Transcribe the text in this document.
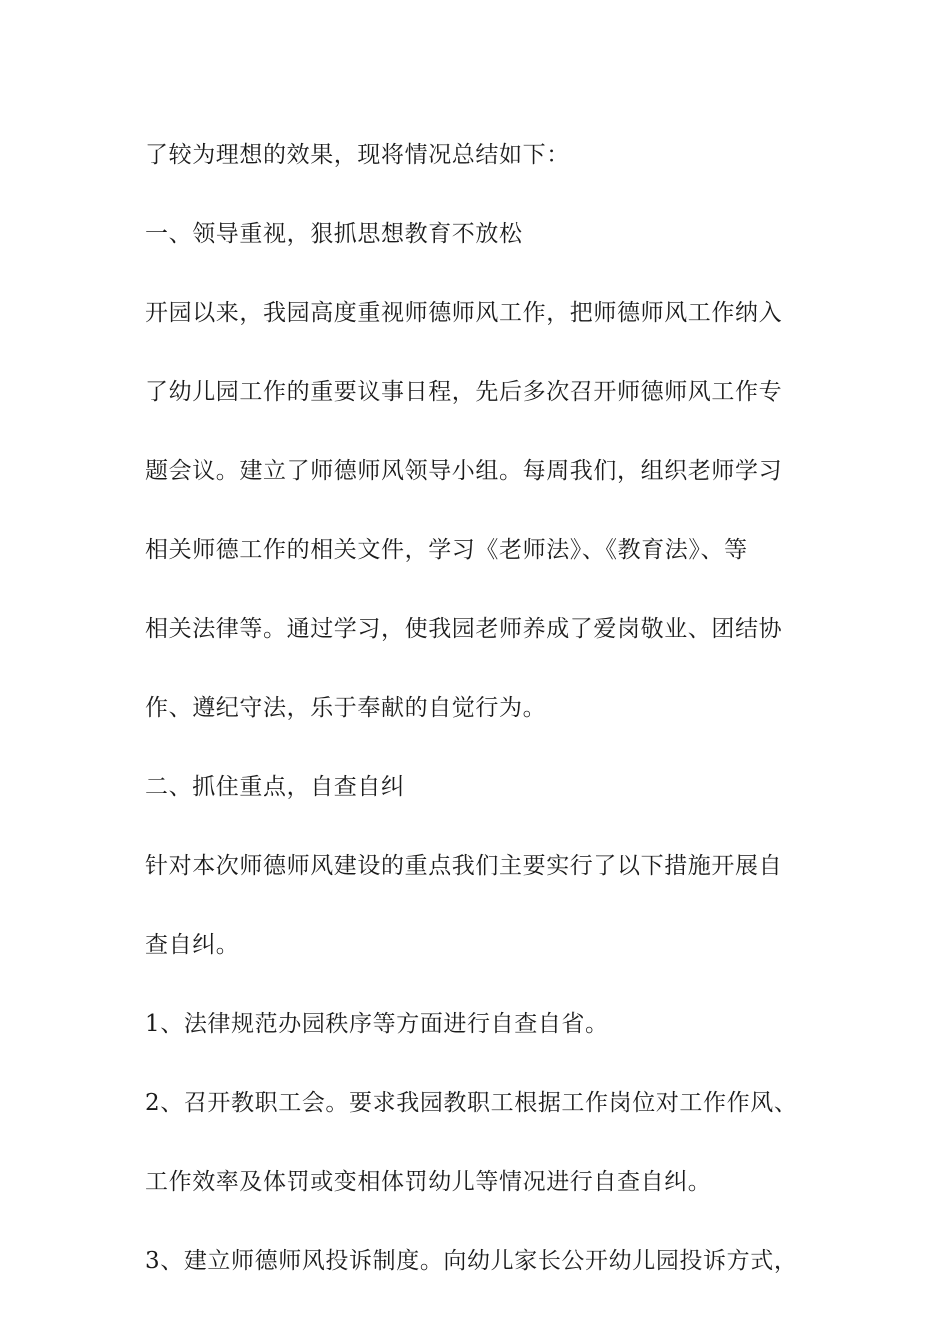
了较为理想的效果，现将情况总结如下：
一、领导重视，狠抓思想教育不放松
开园以来，我园高度重视师德师风工作，把师德师风工作纳入
了幼儿园工作的重要议事日程，先后多次召开师德师风工作专
题会议。建立了师德师风领导小组。每周我们，组织老师学习
相关师德工作的相关文件，学习《老师法》、《教育法》、等
相关法律等。通过学习，使我园老师养成了爱岗敬业、团结协
作、遵纪守法，乐于奉献的自觉行为。
二、抓住重点，自查自纠
针对本次师德师风建设的重点我们主要实行了以下措施开展自
查自纠。
1、法律规范办园秩序等方面进行自查自省。
2、召开教职工会。要求我园教职工根据工作岗位对工作作风、
工作效率及体罚或变相体罚幼儿等情况进行自查自纠。
3、建立师德师风投诉制度。向幼儿家长公开幼儿园投诉方式，
